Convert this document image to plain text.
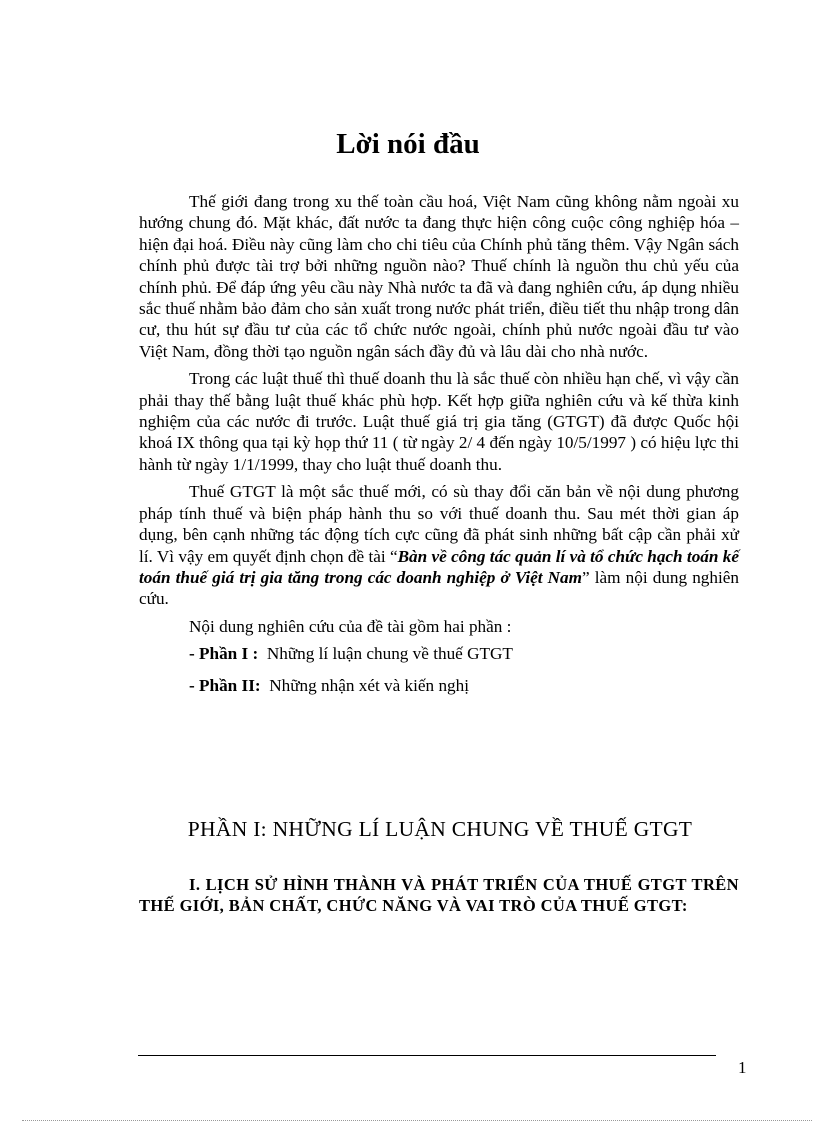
Lời nói đầu

Thế giới đang trong xu thế toàn cầu hoá, Việt Nam cũng không nằm ngoài xu hướng chung đó. Mặt khác, đất nước ta đang thực hiện công cuộc công nghiệp hóa – hiện đại hoá. Điều này cũng làm cho chi tiêu của Chính phủ tăng thêm. Vậy Ngân sách chính phủ được tài trợ bởi những nguồn nào? Thuế chính là nguồn thu chủ yếu của chính phủ. Để đáp ứng yêu cầu này Nhà nước ta đã và đang nghiên cứu, áp dụng nhiều sắc thuế nhằm bảo đảm cho sản xuất trong nước phát triển, điều tiết thu nhập trong dân cư, thu hút sự đầu tư của các tổ chức nước ngoài, chính phủ nước ngoài đầu tư vào Việt Nam, đồng thời tạo nguồn ngân sách đầy đủ và lâu dài cho nhà nước.

Trong các luật thuế thì thuế doanh thu là sắc thuế còn nhiều hạn chế, vì vậy cần phải thay thế bằng luật thuế khác phù hợp. Kết hợp giữa nghiên cứu và kế thừa kinh nghiệm của các nước đi trước. Luật thuế giá trị gia tăng (GTGT) đã được Quốc hội khoá IX thông qua tại kỳ họp thứ 11 ( từ ngày 2/ 4 đến ngày 10/5/1997 ) có hiệu lực thi hành từ ngày 1/1/1999, thay cho luật thuế doanh thu.

Thuế GTGT là một sắc thuế mới, có sù thay đổi căn bản về nội dung phương pháp tính thuế và biện pháp hành thu so với thuế doanh thu. Sau mét thời gian áp dụng, bên cạnh những tác động tích cực cũng đã phát sinh những bất cập cần phải xử lí. Vì vậy em quyết định chọn đề tài “Bàn về công tác quản lí và tổ chức hạch toán kế toán thuế giá trị gia tăng trong các doanh nghiệp ở Việt Nam” làm nội dung nghiên cứu.

Nội dung nghiên cứu của đề tài gồm hai phần :

- Phần I : Những lí luận chung về thuế GTGT

- Phần II: Những nhận xét và kiến nghị

PHẦN I: NHỮNG LÍ LUẬN CHUNG VỀ THUẾ GTGT
I. LỊCH SỬ HÌNH THÀNH VÀ PHÁT TRIỂN CỦA THUẾ GTGT TRÊN THẾ GIỚI, BẢN CHẤT, CHỨC NĂNG VÀ VAI TRÒ CỦA THUẾ GTGT:
1
